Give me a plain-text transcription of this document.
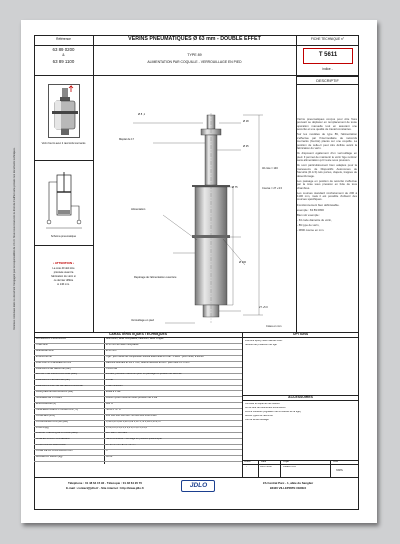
Référence
63 89 0200
&
63 89 1100
VÉRINS PNEUMATIQUES Ø 63 mm - DOUBLE EFFET
TYPE 89
ALIMENTATION PAR COQUILLE - VERROUILLAGE EN PIED
FICHE TECHNIQUE n°
T 5611
indice -
DESCRIPTIF
Vérin fourni avec 2 raccords tournants
Schéma pneumatique
• ATTENTION •
La cote 40 doit être
prévisée avant la
fabrication du vérin si
ce dernier diffère
si 146 mm.
Données contenues dans ce document n'engagent pas la responsabilité de JDLO. Nous nous réservons le droit de modifier sans préavis nos documents techniques.
Ø 8 ,1
Ø 18
Méplat de 17
Ø 25
40 cote = 146
Ø 75	Course = 27 +3 0
Alimentation
Ø 100
Repérage de l'alimentation ouverture
Verrouillage en pied
27 +5 0
Cotes en mm

Vérins pneumatiques conçus pour être fixés pouvant se déplacer en remplacement de toute opération manuelle tout en assurant une sécurité et une qualité de travail constantes.

Sur les modèles de type 89, l'alimentation s'effectue par l'intermédiaire de raccords tournants (fournis) placés sur une coquille. La position de celle-ci peut être définie avant la fabrication du vérin.

Ils disposent également d'un verrouillage en pied. Il permet de maintenir le vérin 'tige rentrée' sans alimentation qu'il reste sous pression.

Ils sont particulièrement bien adaptés pour la manoeuvre de Dispositifs Autonomes de Sécurité (D.A.S) tels portes, clapets, trappes de désenfumage.

Les passage en position de sécurité s'effectue par la mise sous pression en fuite de tous chambres.

Les courses standard s'échelonnent de 200 à 1100 mm, mais il est possible d'obtenir des courses spécifiques.

Fonctionnement bien définissable.

exemple : 63 89 0800

Bien sûr exemple :

- 63 code diamètre du vérin,

- 89 type de vérin,

- 0800 course en mm.

CARACTÉRISTIQUES TECHNIQUES	OPTIONS
MATÉRIAUX PRINCIPAUX	Aluminium, acier inoxydable, cadmium, acier zingué
TIGE vérin	Ø 25 mm en acier inoxydable
ALÉSAGE vérin	Ø 63 mm
ÉTANCHÉITÉ	Tige : joint Nitrile de composition double étanchéité à 6 bar - Piston : joint nitrile, à lèvres
DISPOSITIF D'ALIMENTATION	Raccord tournant Ø 1/4 + TOL, tube à raccords Ø 8x6 - pour tube 8 x 6 mm
PRESSION DE SERVICE (bar)	3 à 10 bar
EFFORT DE VERROUILLAGE (daN)	25 daN, pression maximum pour un passage en position de sécurité
PRESSION D'ÉPREUVE (bar)	15 bar
PRESSION MINI DE DÉVERROUILLAGE	3 bar minimum
FREQUENCE DES ESSAIS (bar)	Essai à 6 bar
NOMBRE DE CYCLES	10000 cycles minimum sous pression de 6 bar
ENDURANCE (N)	400 N
TEMPÉRATURE D'UTILISATION (°C)	-20 à + 70 °C
COURSES (mm)	200 300 400 500 600 700 800 900 1000 1100
CONSOMMATION (Nl/cycle)	0,44 0,65 0,86 1,08 1,29 1,51 1,72 1,94 2,15 2,37
POIDS (kg)	1,5 2,0 2,5 3,0 3,5 4,0 4,5 5,0 5,5 6,0
FORCE THÉORIQUE À 6 BAR (daN)	187 daN / 160 daN
MISE EN FONCTIONNEMENT	Sans contrainte - Montage en position quelconque
POSITION DU RACCORD	A - B - C - D - E - F - G - H
CODE DE LA CONFIGURATION	3
MASSE DU VÉRIN (kg)	63 89
Peinture époxy selon teintes RAL.
Soufflet de protection de tige.
ACCESSOIRES
Console et équerres de fixation.
Kit de tête de différentes dimensions.
Fermé coulisse (régulation de la vitesse de la tige).
Autres types de raccords.
Clé de déverrouillage.
Indice	Date	Objet	Visa
-	03/07/2007	CRÉATION
VdS
Téléphone : 01 48 64 15 92 - Télécopie : 01 48 64 20 70
E-mail : contact@jdlo.fr - Site internet : http://www.jdlo.fr	JDLO	ZA Central Parc - 1, allée du Sanglier
93420 VILLEPINTE CEDEX
